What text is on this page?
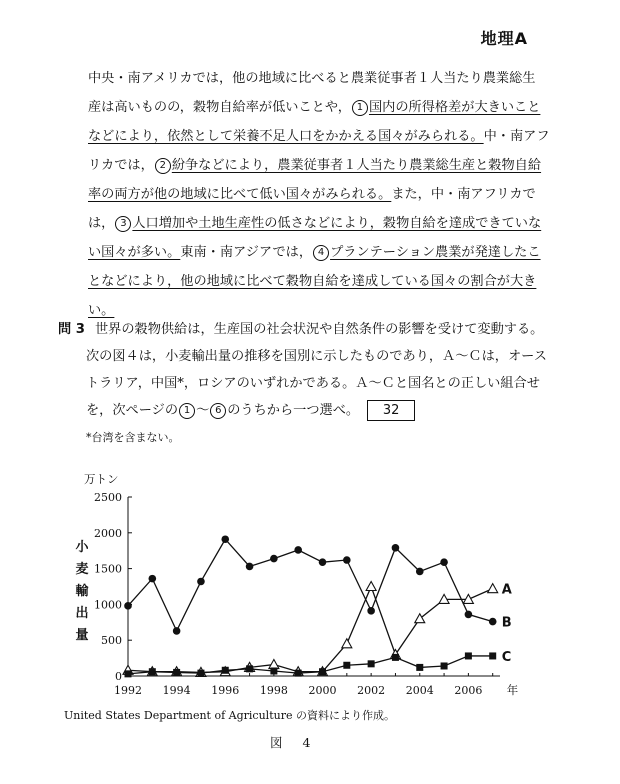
地理A
中央・南アメリカでは，他の地域に比べると農業従事者１人当たり農業総生
産は高いものの，穀物自給率が低いことや， 1 国内の所得格差が大きいこと
などにより，依然として栄養不足人口をかかえる国々がみられる。中・南アフ
リカでは， 2 紛争などにより，農業従事者１人当たり農業総生産と穀物自給
率の両方が他の地域に比べて低い国々がみられる。また，中・南アフリカで
は， 3 人口増加や土地生産性の低さなどにより，穀物自給を達成できていな
い国々が多い。東南・南アジアでは， 4 プランテーション農業が発達したこ
となどにより，他の地域に比べて穀物自給を達成している国々の割合が大き
い。
問 3 世界の穀物供給は，生産国の社会状況や自然条件の影響を受けて変動する。
次の図４は，小麦輸出量の推移を国別に示したものであり，Ａ～Ｃは，オース
トラリア，中国*，ロシアのいずれかである。Ａ～Ｃと国名との正しい組合せ
を，次ページの 1 ～ 6 のうちから一つ選べ。 32
*台湾を含まない。
0
500
1000
1500
2000
2500
1992 1994 1996 1998 2000 2002 2004 2006
万トン
年
小
麦
輸
出
量
A
B
C
United States Department of Agriculture の資料により作成。
図 4
